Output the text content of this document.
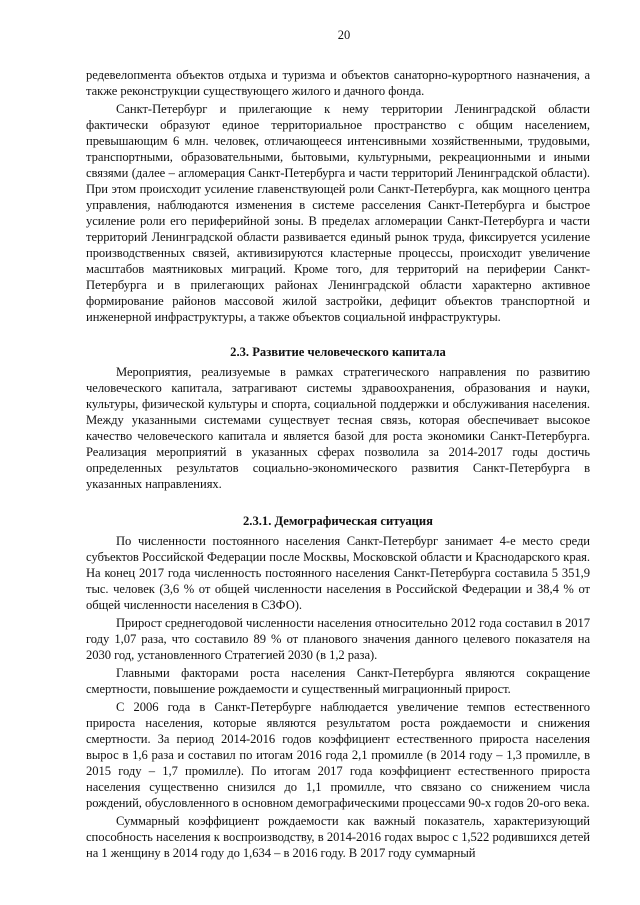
20

редевелопмента объектов отдыха и туризма и объектов санаторно-курортного назначения, а также реконструкции существующего жилого и дачного фонда.

Санкт-Петербург и прилегающие к нему территории Ленинградской области фактически образуют единое территориальное пространство с общим населением, превышающим 6 млн. человек, отличающееся интенсивными хозяйственными, трудовыми, транспортными, образовательными, бытовыми, культурными, рекреационными и иными связями (далее – агломерация Санкт-Петербурга и части территорий Ленинградской области). При этом происходит усиление главенствующей роли Санкт-Петербурга, как мощного центра управления, наблюдаются изменения в системе расселения Санкт-Петербурга и быстрое усиление роли его периферийной зоны. В пределах агломерации Санкт-Петербурга и части территорий Ленинградской области развивается единый рынок труда, фиксируется усиление производственных связей, активизируются кластерные процессы, происходит увеличение масштабов маятниковых миграций. Кроме того, для территорий на периферии Санкт-Петербурга и в прилегающих районах Ленинградской области характерно активное формирование районов массовой жилой застройки, дефицит объектов транспортной и инженерной инфраструктуры, а также объектов социальной инфраструктуры.

2.3. Развитие человеческого капитала

Мероприятия, реализуемые в рамках стратегического направления по развитию человеческого капитала, затрагивают системы здравоохранения, образования и науки, культуры, физической культуры и спорта, социальной поддержки и обслуживания населения. Между указанными системами существует тесная связь, которая обеспечивает высокое качество человеческого капитала и является базой для роста экономики Санкт-Петербурга. Реализация мероприятий в указанных сферах позволила за 2014-2017 годы достичь определенных результатов социально-экономического развития Санкт-Петербурга в указанных направлениях.

2.3.1. Демографическая ситуация

По численности постоянного населения Санкт-Петербург занимает 4-е место среди субъектов Российской Федерации после Москвы, Московской области и Краснодарского края. На конец 2017 года численность постоянного населения Санкт-Петербурга составила 5 351,9 тыс. человек (3,6 % от общей численности населения в Российской Федерации и 38,4 % от общей численности населения в СЗФО).

Прирост среднегодовой численности населения относительно 2012 года составил в 2017 году 1,07 раза, что составило 89 % от планового значения данного целевого показателя на 2030 год, установленного Стратегией 2030 (в 1,2 раза).

Главными факторами роста населения Санкт-Петербурга являются сокращение смертности, повышение рождаемости и существенный миграционный прирост.

С 2006 года в Санкт-Петербурге наблюдается увеличение темпов естественного прироста населения, которые являются результатом роста рождаемости и снижения смертности. За период 2014-2016 годов коэффициент естественного прироста населения вырос в 1,6 раза и составил по итогам 2016 года 2,1 промилле (в 2014 году – 1,3 промилле, в 2015 году – 1,7 промилле). По итогам 2017 года коэффициент естественного прироста населения существенно снизился до 1,1 промилле, что связано со снижением числа рождений, обусловленного в основном демографическими процессами 90-х годов 20-ого века.

Суммарный коэффициент рождаемости как важный показатель, характеризующий способность населения к воспроизводству, в 2014-2016 годах вырос с 1,522 родившихся детей на 1 женщину в 2014 году до 1,634 – в 2016 году. В 2017 году суммарный
